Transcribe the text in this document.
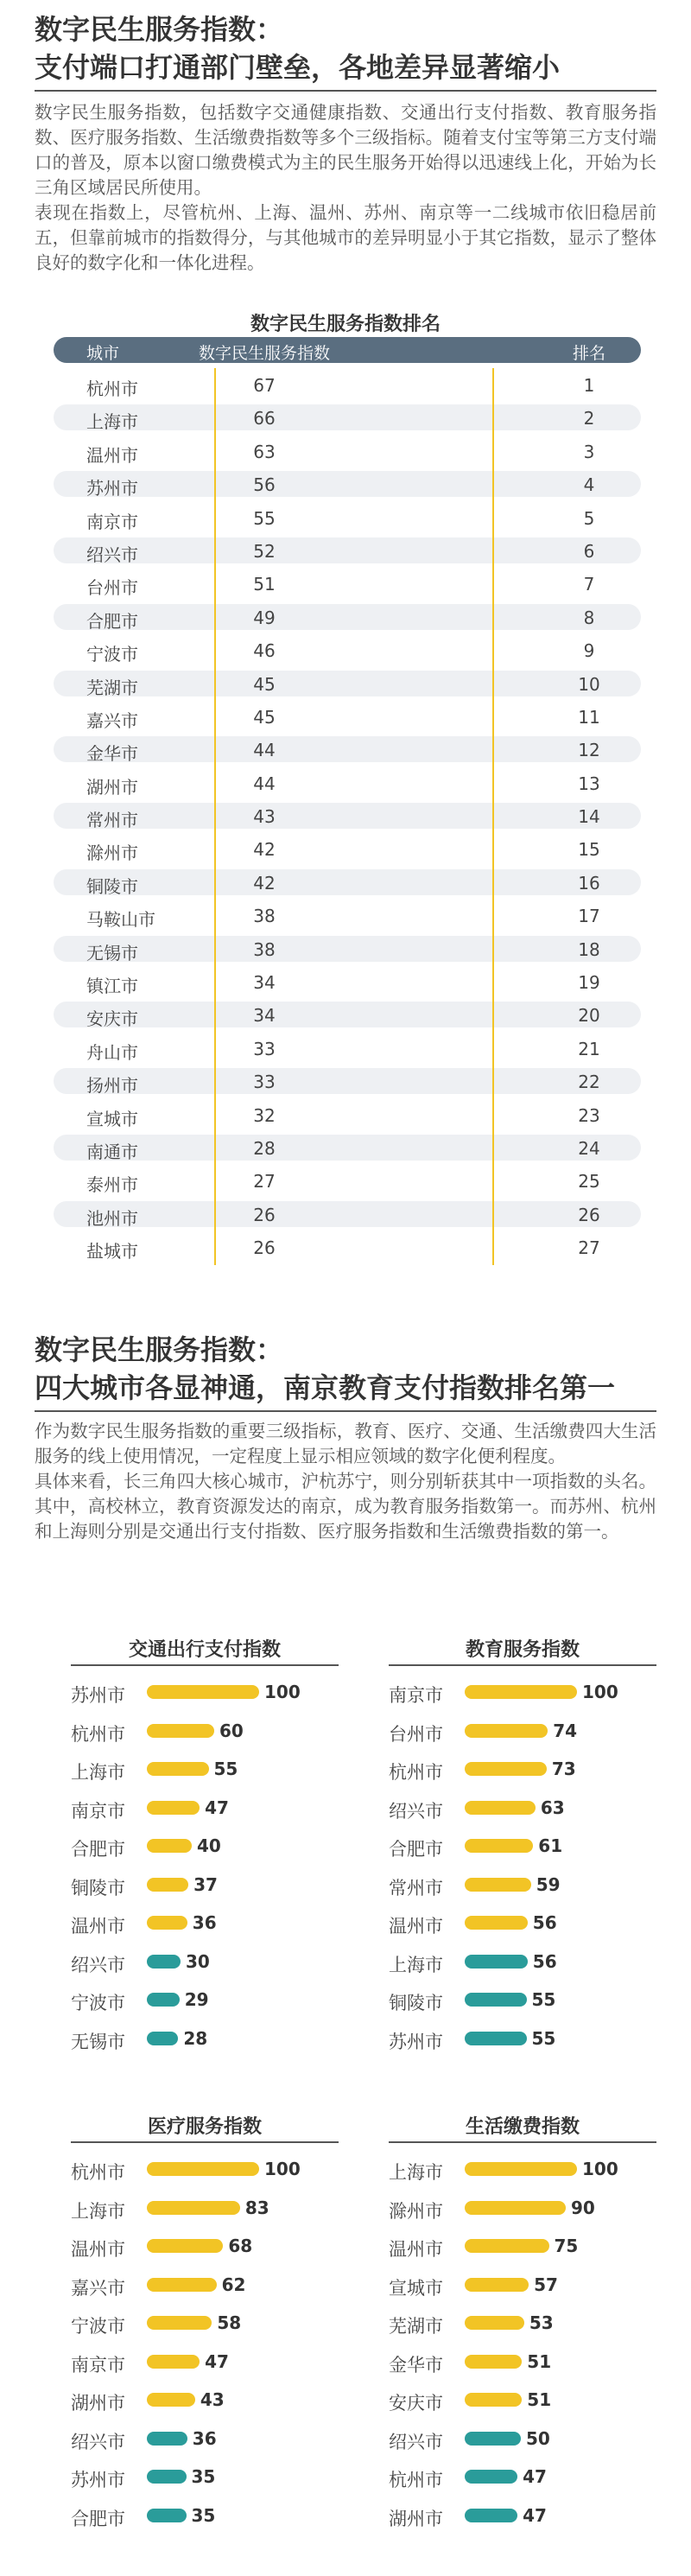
数字民生服务指数：
支付端口打通部门壁垒，各地差异显著缩小

数字民生服务指数，包括数字交通健康指数、交通出行支付指数、教育服务指数、医疗服务指数、生活缴费指数等多个三级指标。随着支付宝等第三方支付端口的普及，原本以窗口缴费模式为主的民生服务开始得以迅速线上化，开始为长三角区域居民所使用。

表现在指数上，尽管杭州、上海、温州、苏州、南京等一二线城市依旧稳居前五，但靠前城市的指数得分，与其他城市的差异明显小于其它指数，显示了整体良好的数字化和一体化进程。

数字民生服务指数排名
城市	数字民生服务指数	排名
杭州市	67	1
上海市	66	2
温州市	63	3
苏州市	56	4
南京市	55	5
绍兴市	52	6
台州市	51	7
合肥市	49	8
宁波市	46	9
芜湖市	45	10
嘉兴市	45	11
金华市	44	12
湖州市	44	13
常州市	43	14
滁州市	42	15
铜陵市	42	16
马鞍山市	38	17
无锡市	38	18
镇江市	34	19
安庆市	34	20
舟山市	33	21
扬州市	33	22
宣城市	32	23
南通市	28	24
泰州市	27	25
池州市	26	26
盐城市	26	27
数字民生服务指数：
四大城市各显神通，南京教育支付指数排名第一

作为数字民生服务指数的重要三级指标，教育、医疗、交通、生活缴费四大生活服务的线上使用情况，一定程度上显示相应领域的数字化便利程度。

具体来看，长三角四大核心城市，沪杭苏宁，则分别斩获其中一项指数的头名。其中，高校林立，教育资源发达的南京，成为教育服务指数第一。而苏州、杭州和上海则分别是交通出行支付指数、医疗服务指数和生活缴费指数的第一。

交通出行支付指数
苏州市	100
杭州市	60
上海市	55
南京市	47
合肥市	40
铜陵市	37
温州市	36
绍兴市	30
宁波市	29
无锡市	28
教育服务指数
南京市	100
台州市	74
杭州市	73
绍兴市	63
合肥市	61
常州市	59
温州市	56
上海市	56
铜陵市	55
苏州市	55
医疗服务指数
杭州市	100
上海市	83
温州市	68
嘉兴市	62
宁波市	58
南京市	47
湖州市	43
绍兴市	36
苏州市	35
合肥市	35
生活缴费指数
上海市	100
滁州市	90
温州市	75
宣城市	57
芜湖市	53
金华市	51
安庆市	51
绍兴市	50
杭州市	47
湖州市	47
